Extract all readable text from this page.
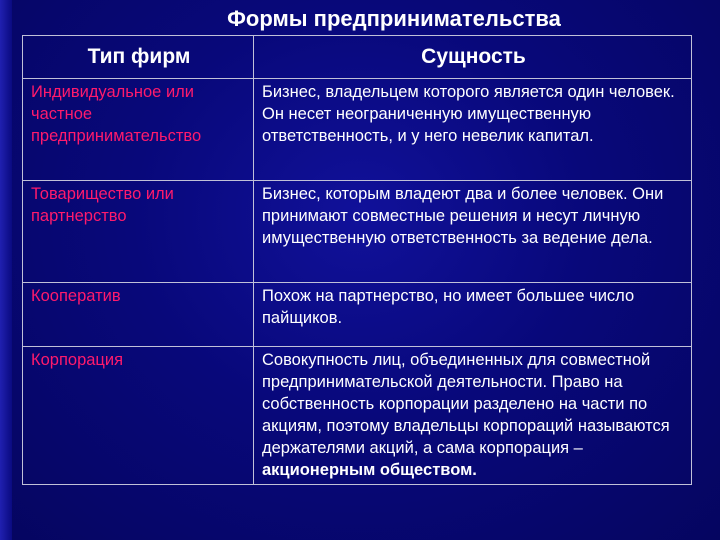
Формы предпринимательства
Тип фирм	Сущность
Индивидуальное или частное предпринимательство	Бизнес, владельцем которого является один человек. Он несет неограниченную имущественную ответственность, и у него невелик капитал.
Товарищество или партнерство	Бизнес, которым владеют два и более человек. Они принимают совместные решения и несут личную имущественную ответственность за ведение дела.
Кооператив	Похож на партнерство, но имеет большее число пайщиков.
Корпорация	Совокупность лиц, объединенных для совместной предпринимательской деятельности. Право на собственность корпорации разделено на части по акциям, поэтому владельцы корпораций называются держателями акций, а сама корпорация – акционерным обществом.
